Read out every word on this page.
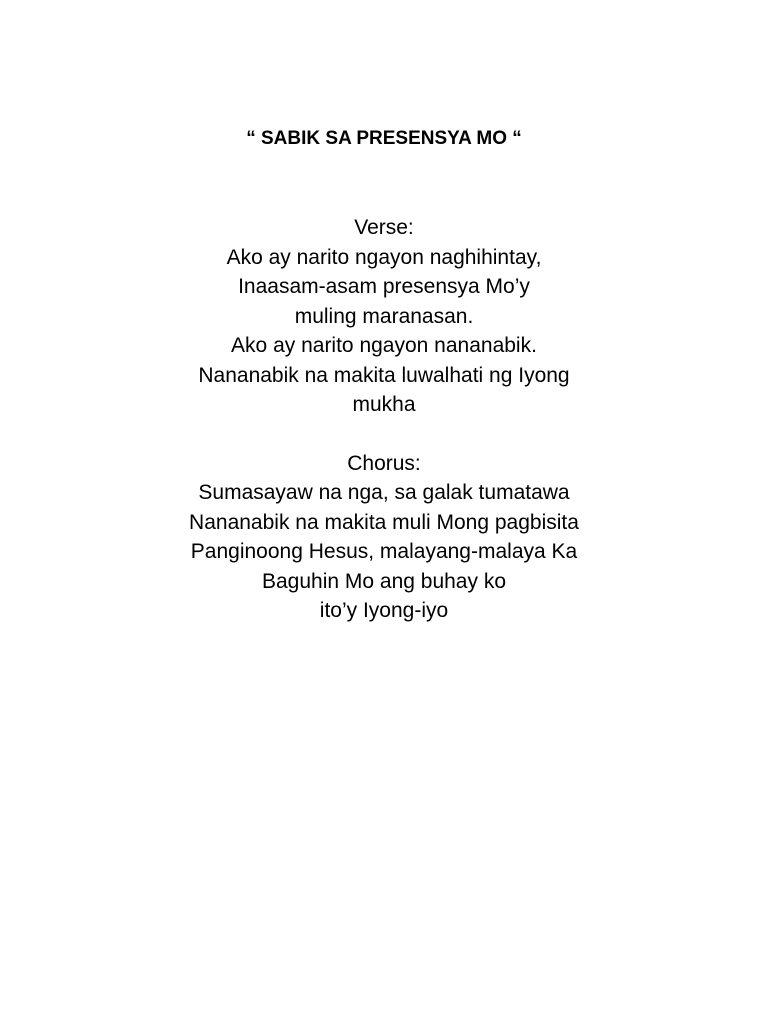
“ SABIK SA PRESENSYA MO “
Verse:
Ako ay narito ngayon naghihintay,
Inaasam-asam presensya Mo’y
muling maranasan.
Ako ay narito ngayon nananabik.
Nananabik na makita luwalhati ng Iyong
mukha
Chorus:
Sumasayaw na nga, sa galak tumatawa
Nananabik na makita muli Mong pagbisita
Panginoong Hesus, malayang-malaya Ka
Baguhin Mo ang buhay ko
ito’y Iyong-iyo
